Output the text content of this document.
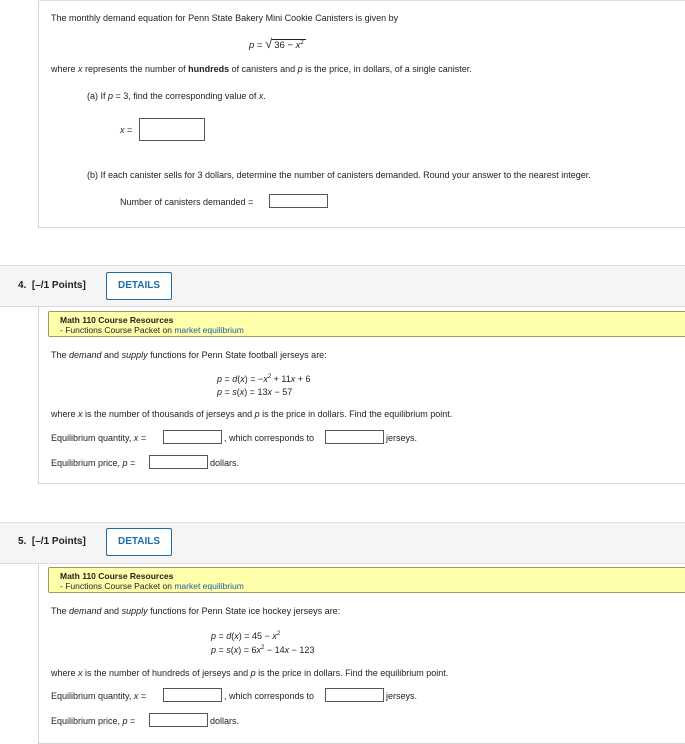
The monthly demand equation for Penn State Bakery Mini Cookie Canisters is given by
p = √ $36 - x^2$
where x represents the number of hundreds of canisters and p is the price, in dollars, of a single canister.
(a) If p = 3, find the corresponding value of x.
x =
(b) If each canister sells for 3 dollars, determine the number of canisters demanded. Round your answer to the nearest integer.
Number of canisters demanded =
4. [–/1 Points]	DETAILS
Math 110 Course Resources
- Functions Course Packet on market equilibrium
The demand and supply functions for Penn State football jerseys are:
$p = d(x) = -x^2 + 11x + 6$
p = s(x) = 13x − 57
where x is the number of thousands of jerseys and p is the price in dollars. Find the equilibrium point.
Equilibrium quantity, x =	, which corresponds to	jerseys.
Equilibrium price, p =	dollars.
5. [–/1 Points]	DETAILS
Math 110 Course Resources
- Functions Course Packet on market equilibrium
The demand and supply functions for Penn State ice hockey jerseys are:
$p = d(x) = 45 - x^2$
$p = s(x) = 6x^2 - 14x - 123$
where x is the number of hundreds of jerseys and p is the price in dollars. Find the equilibrium point.
Equilibrium quantity, x =	, which corresponds to	jerseys.
Equilibrium price, p =	dollars.
